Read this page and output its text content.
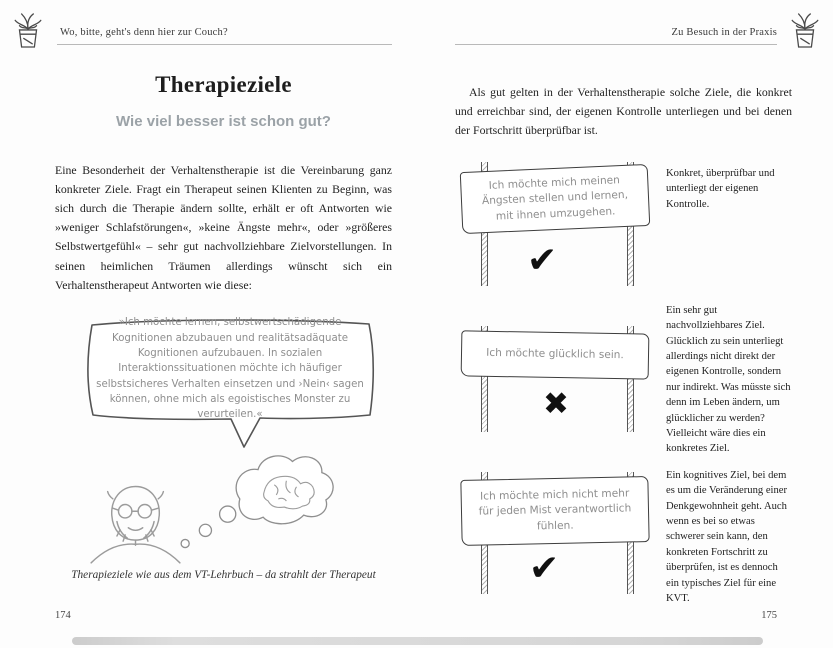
Wo, bitte, geht's denn hier zur Couch?	Zu Besuch in der Praxis
Therapieziele
Wie viel besser ist schon gut?

Eine Besonderheit der Verhaltenstherapie ist die Vereinbarung ganz konkreter Ziele. Fragt ein Therapeut seinen Klienten zu Beginn, was sich durch die Therapie ändern sollte, erhält er oft Antworten wie »weniger Schlafstörungen«, »keine Ängste mehr«, oder »größeres Selbstwertgefühl« – sehr gut nachvollziehbare Zielvorstellungen. In seinen heimlichen Träumen allerdings wünscht sich ein Verhaltenstherapeut Antworten wie diese:

»Ich möchte lernen, selbstwertschädigende Kognitionen abzubauen und realitätsadäquate Kognitionen aufzubauen. In sozialen Interaktionssituationen möchte ich häufiger selbstsicheres Verhalten einsetzen und ›Nein‹ sagen können, ohne mich als egoistisches Monster zu verurteilen.«

Therapieziele wie aus dem VT-Lehrbuch – da strahlt der Therapeut

174

Als gut gelten in der Verhaltenstherapie solche Ziele, die konkret und erreichbar sind, der eigenen Kontrolle unterliegen und bei denen der Fortschritt überprüfbar ist.

Ich möchte mich meinen Ängsten stellen und lernen, mit ihnen umzugehen.
✔
Konkret, überprüfbar und unterliegt der eigenen Kontrolle.
Ich möchte glücklich sein.
✖
Ein sehr gut nachvollziehbares Ziel. Glücklich zu sein unterliegt allerdings nicht direkt der eigenen Kontrolle, sondern nur indirekt. Was müsste sich denn im Leben ändern, um glücklicher zu werden? Vielleicht wäre dies ein konkretes Ziel.
Ich möchte mich nicht mehr für jeden Mist verantwortlich fühlen.
✔
Ein kognitives Ziel, bei dem es um die Veränderung einer Denkgewohnheit geht. Auch wenn es bei so etwas schwerer sein kann, den konkreten Fortschritt zu überprüfen, ist es dennoch ein typisches Ziel für eine KVT.
175
